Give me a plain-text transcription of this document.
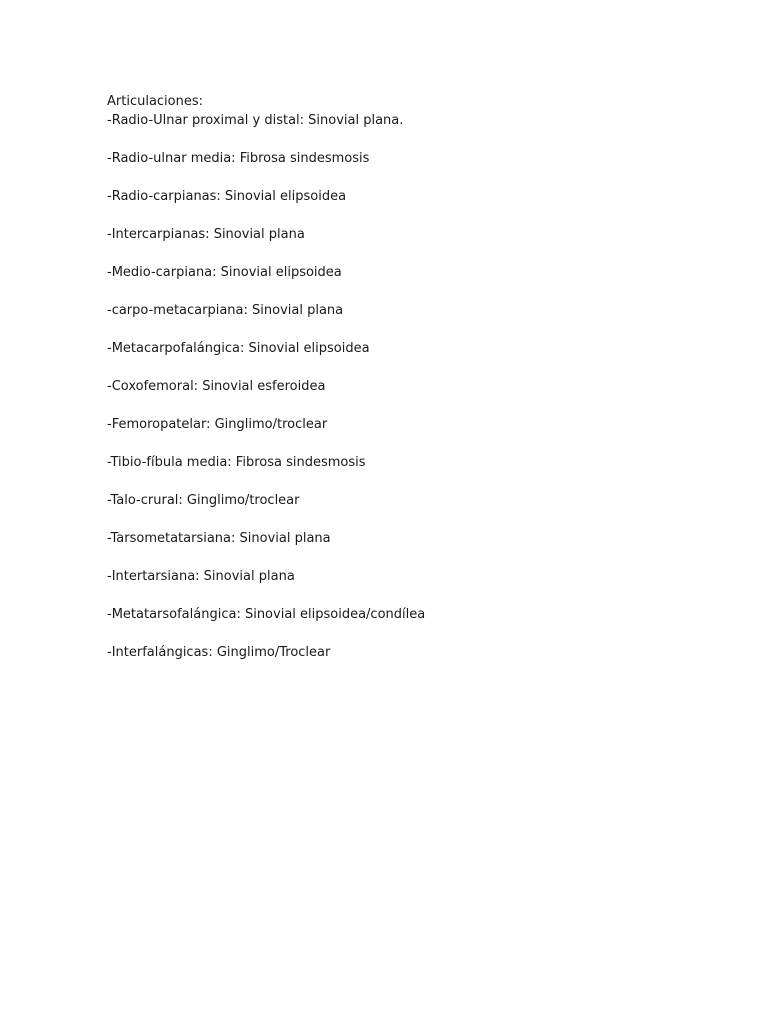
Articulaciones:

-Radio-Ulnar proximal y distal: Sinovial plana.
-Radio-ulnar media: Fibrosa sindesmosis
-Radio-carpianas: Sinovial elipsoidea
-Intercarpianas: Sinovial plana
-Medio-carpiana: Sinovial elipsoidea
-carpo-metacarpiana: Sinovial plana
-Metacarpofalángica: Sinovial elipsoidea
-Coxofemoral: Sinovial esferoidea
-Femoropatelar: Ginglimo/troclear
-Tibio-fíbula media: Fibrosa sindesmosis
-Talo-crural: Ginglimo/troclear
-Tarsometatarsiana: Sinovial plana
-Intertarsiana: Sinovial plana
-Metatarsofalángica: Sinovial elipsoidea/condílea
-Interfalángicas: Ginglimo/Troclear
